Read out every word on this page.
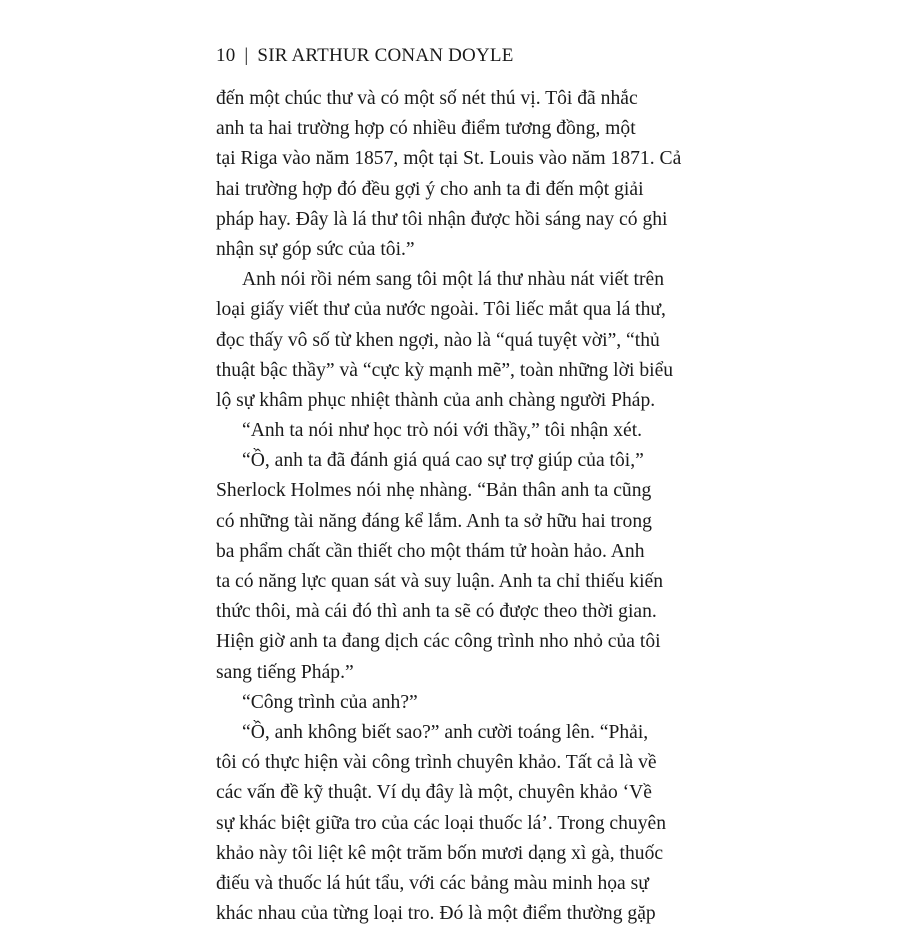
10 | SIR ARTHUR CONAN DOYLE
đến một chúc thư và có một số nét thú vị. Tôi đã nhắc
anh ta hai trường hợp có nhiều điểm tương đồng, một
tại Riga vào năm 1857, một tại St. Louis vào năm 1871. Cả
hai trường hợp đó đều gợi ý cho anh ta đi đến một giải
pháp hay. Đây là lá thư tôi nhận được hồi sáng nay có ghi
nhận sự góp sức của tôi.”
Anh nói rồi ném sang tôi một lá thư nhàu nát viết trên
loại giấy viết thư của nước ngoài. Tôi liếc mắt qua lá thư,
đọc thấy vô số từ khen ngợi, nào là “quá tuyệt vời”, “thủ
thuật bậc thầy” và “cực kỳ mạnh mẽ”, toàn những lời biểu
lộ sự khâm phục nhiệt thành của anh chàng người Pháp.
“Anh ta nói như học trò nói với thầy,” tôi nhận xét.
“Ồ, anh ta đã đánh giá quá cao sự trợ giúp của tôi,”
Sherlock Holmes nói nhẹ nhàng. “Bản thân anh ta cũng
có những tài năng đáng kể lắm. Anh ta sở hữu hai trong
ba phẩm chất cần thiết cho một thám tử hoàn hảo. Anh
ta có năng lực quan sát và suy luận. Anh ta chỉ thiếu kiến
thức thôi, mà cái đó thì anh ta sẽ có được theo thời gian.
Hiện giờ anh ta đang dịch các công trình nho nhỏ của tôi
sang tiếng Pháp.”
“Công trình của anh?”
“Ồ, anh không biết sao?” anh cười toáng lên. “Phải,
tôi có thực hiện vài công trình chuyên khảo. Tất cả là về
các vấn đề kỹ thuật. Ví dụ đây là một, chuyên khảo ‘Về
sự khác biệt giữa tro của các loại thuốc lá’. Trong chuyên
khảo này tôi liệt kê một trăm bốn mươi dạng xì gà, thuốc
điếu và thuốc lá hút tẩu, với các bảng màu minh họa sự
khác nhau của từng loại tro. Đó là một điểm thường gặp
